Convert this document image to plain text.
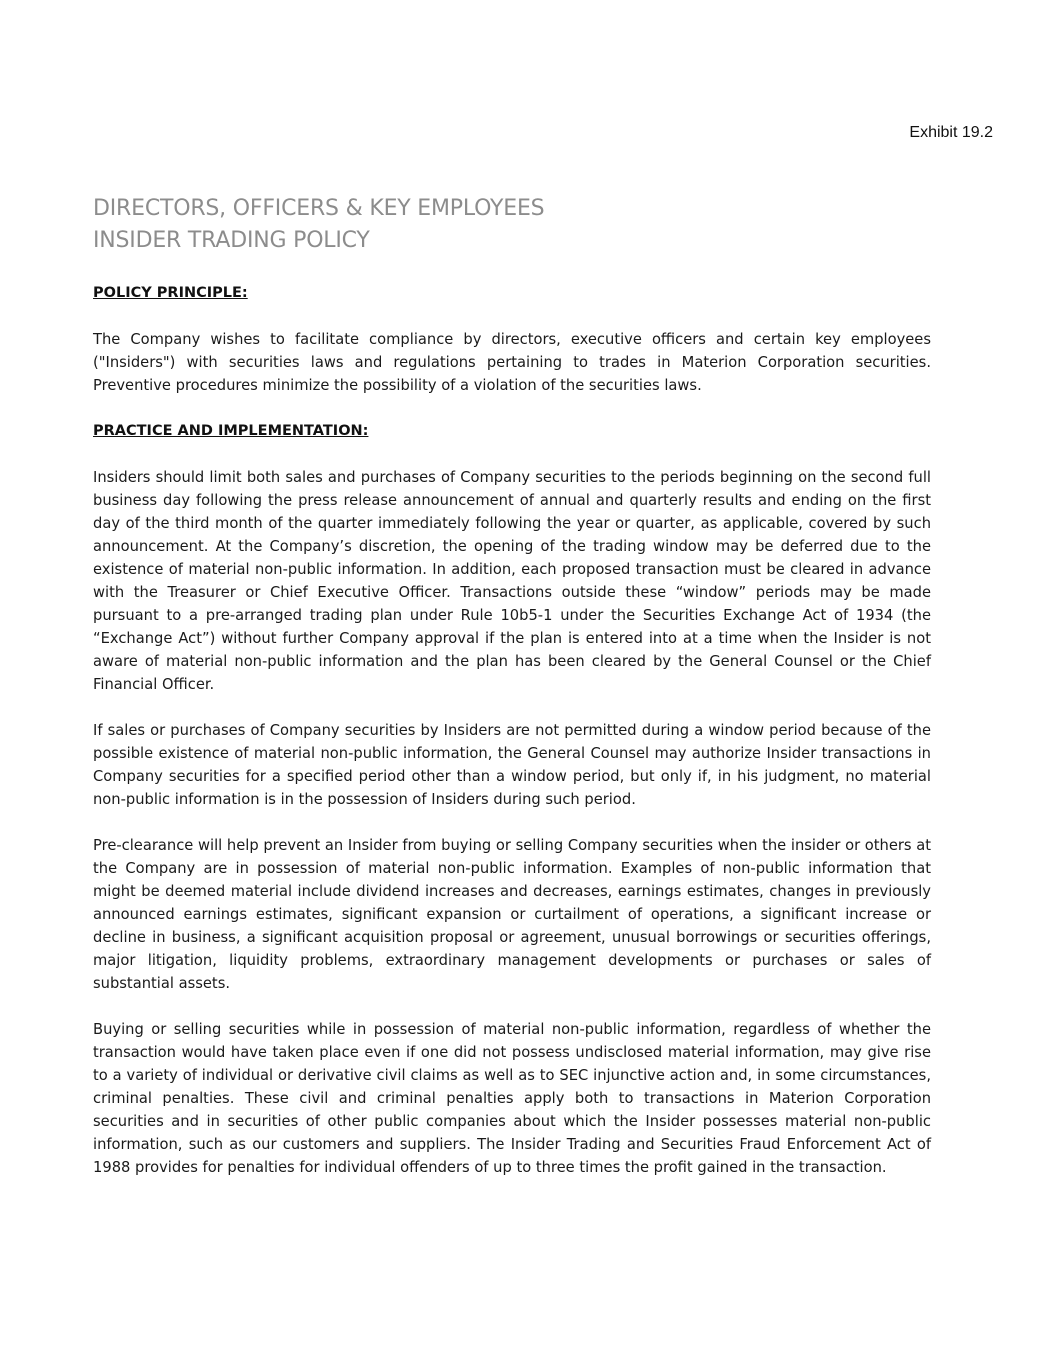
Exhibit 19.2
DIRECTORS, OFFICERS & KEY EMPLOYEES
INSIDER TRADING POLICY
POLICY PRINCIPLE:

The Company wishes to facilitate compliance by directors, executive officers and certain key employees ("Insiders") with securities laws and regulations pertaining to trades in Materion Corporation securities. Preventive procedures minimize the possibility of a violation of the securities laws.

PRACTICE AND IMPLEMENTATION:

Insiders should limit both sales and purchases of Company securities to the periods beginning on the second full business day following the press release announcement of annual and quarterly results and ending on the first day of the third month of the quarter immediately following the year or quarter, as applicable, covered by such announcement. At the Company’s discretion, the opening of the trading window may be deferred due to the existence of material non-public information. In addition, each proposed transaction must be cleared in advance with the Treasurer or Chief Executive Officer. Transactions outside these “window” periods may be made pursuant to a pre-arranged trading plan under Rule 10b5-1 under the Securities Exchange Act of 1934 (the “Exchange Act”) without further Company approval if the plan is entered into at a time when the Insider is not aware of material non-public information and the plan has been cleared by the General Counsel or the Chief Financial Officer.

If sales or purchases of Company securities by Insiders are not permitted during a window period because of the possible existence of material non-public information, the General Counsel may authorize Insider transactions in Company securities for a specified period other than a window period, but only if, in his judgment, no material non-public information is in the possession of Insiders during such period.

Pre-clearance will help prevent an Insider from buying or selling Company securities when the insider or others at the Company are in possession of material non-public information. Examples of non-public information that might be deemed material include dividend increases and decreases, earnings estimates, changes in previously announced earnings estimates, significant expansion or curtailment of operations, a significant increase or decline in business, a significant acquisition proposal or agreement, unusual borrowings or securities offerings, major litigation, liquidity problems, extraordinary management developments or purchases or sales of substantial assets.

Buying or selling securities while in possession of material non-public information, regardless of whether the transaction would have taken place even if one did not possess undisclosed material information, may give rise to a variety of individual or derivative civil claims as well as to SEC injunctive action and, in some circumstances, criminal penalties. These civil and criminal penalties apply both to transactions in Materion Corporation securities and in securities of other public companies about which the Insider possesses material non-public information, such as our customers and suppliers. The Insider Trading and Securities Fraud Enforcement Act of 1988 provides for penalties for individual offenders of up to three times the profit gained in the transaction.
